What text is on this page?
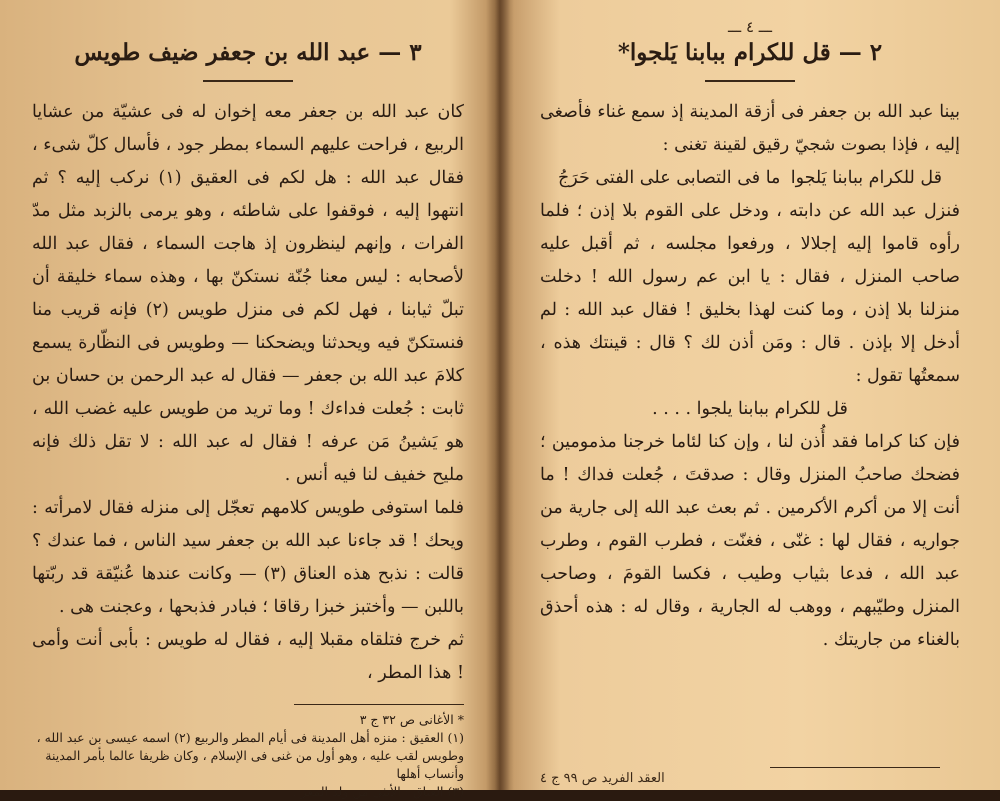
٣ — عبد الله بن جعفر ضيف طويس

كان عبد الله بن جعفر معه إخوان له فى عشيّة من عشايا الربيع ، فراحت عليهم السماء بمطر جود ، فأسال كلّ شىء ، فقال عبد الله : هل لكم فى العقيق (١) نركب إليه ؟ ثم انتهوا إليه ، فوقفوا على شاطئه ، وهو يرمى بالزبد مثل مدّ الفرات ، وإنهم لينظرون إذ هاجت السماء ، فقال عبد الله لأصحابه : ليس معنا جُنّة نستكنّ بها ، وهذه سماء خليقة أن تبلّ ثيابنا ، فهل لكم فى منزل طويس (٢) فإنه قريب منا فنستكنّ فيه ويحدثنا ويضحكنا — وطويس فى النظّارة يسمع كلامَ عبد الله بن جعفر — فقال له عبد الرحمن بن حسان بن ثابت : جُعلت فداءك ! وما تريد من طويس عليه غضب الله ، هو يَشينُ مَن عرفه ! فقال له عبد الله : لا تقل ذلك فإنه مليح خفيف لنا فيه أنس .

فلما استوفى طويس كلامهم تعجّل إلى منزله فقال لامرأته : ويحك ! قد جاءنا عبد الله بن جعفر سيد الناس ، فما عندك ؟ قالت : نذبح هذه العناق (٣) — وكانت عندها عُنيّقة قد ربّتها باللبن — وأختبز خبزا رقاقا ؛ فبادر فذبحها ، وعجنت هى .

ثم خرج فتلقاه مقبلا إليه ، فقال له طويس : بأبى أنت وأمى ! هذا المطر ،

* الأغانى ص ٣٢ ج ٣

(١) العقيق : منزه أهل المدينة فى أيام المطر والربيع (٢) اسمه عيسى بن عبد الله ، وطويس لقب عليه ، وهو أول من غنى فى الإسلام ، وكان ظريفا عالما بأمر المدينة وأنساب أهلها

(٣) العناق : الأنثى من ولد المعز .

ـــ ٤ ـــ
٢ — قل للكرام ببابنا يَلجوا*

بينا عبد الله بن جعفر فى أزقة المدينة إذ سمع غناء فأصغى إليه ، فإذا بصوت شجيّ رقيق لقينة تغنى :

قل للكرام ببابنا يَلجوا
ما فى التصابى على الفتى حَرَجُ

فنزل عبد الله عن دابته ، ودخل على القوم بلا إذن ؛ فلما رأوه قاموا إليه إجلالا ، ورفعوا مجلسه ، ثم أقبل عليه صاحب المنزل ، فقال : يا ابن عم رسول الله ! دخلت منزلنا بلا إذن ، وما كنت لهذا بخليق ! فقال عبد الله : لم أدخل إلا بإذن . قال : ومَن أذن لك ؟ قال : قينتك هذه ، سمعتُها تقول :

قل للكرام ببابنا يلجوا . . . .

فإن كنا كراما فقد أُذن لنا ، وإن كنا لئاما خرجنا مذمومين ؛ فضحك صاحبُ المنزل وقال : صدقتَ ، جُعلت فداك ! ما أنت إلا من أكرم الأكرمين . ثم بعث عبد الله إلى جارية من جواريه ، فقال لها : غنّى ، فغنّت ، فطرب القوم ، وطرب عبد الله ، فدعا بثياب وطيب ، فكسا القومَ ، وصاحب المنزل وطيّبهم ، ووهب له الجارية ، وقال له : هذه أحذق بالغناء من جاريتك .

العقد الفريد ص ٩٩ ج ٤
